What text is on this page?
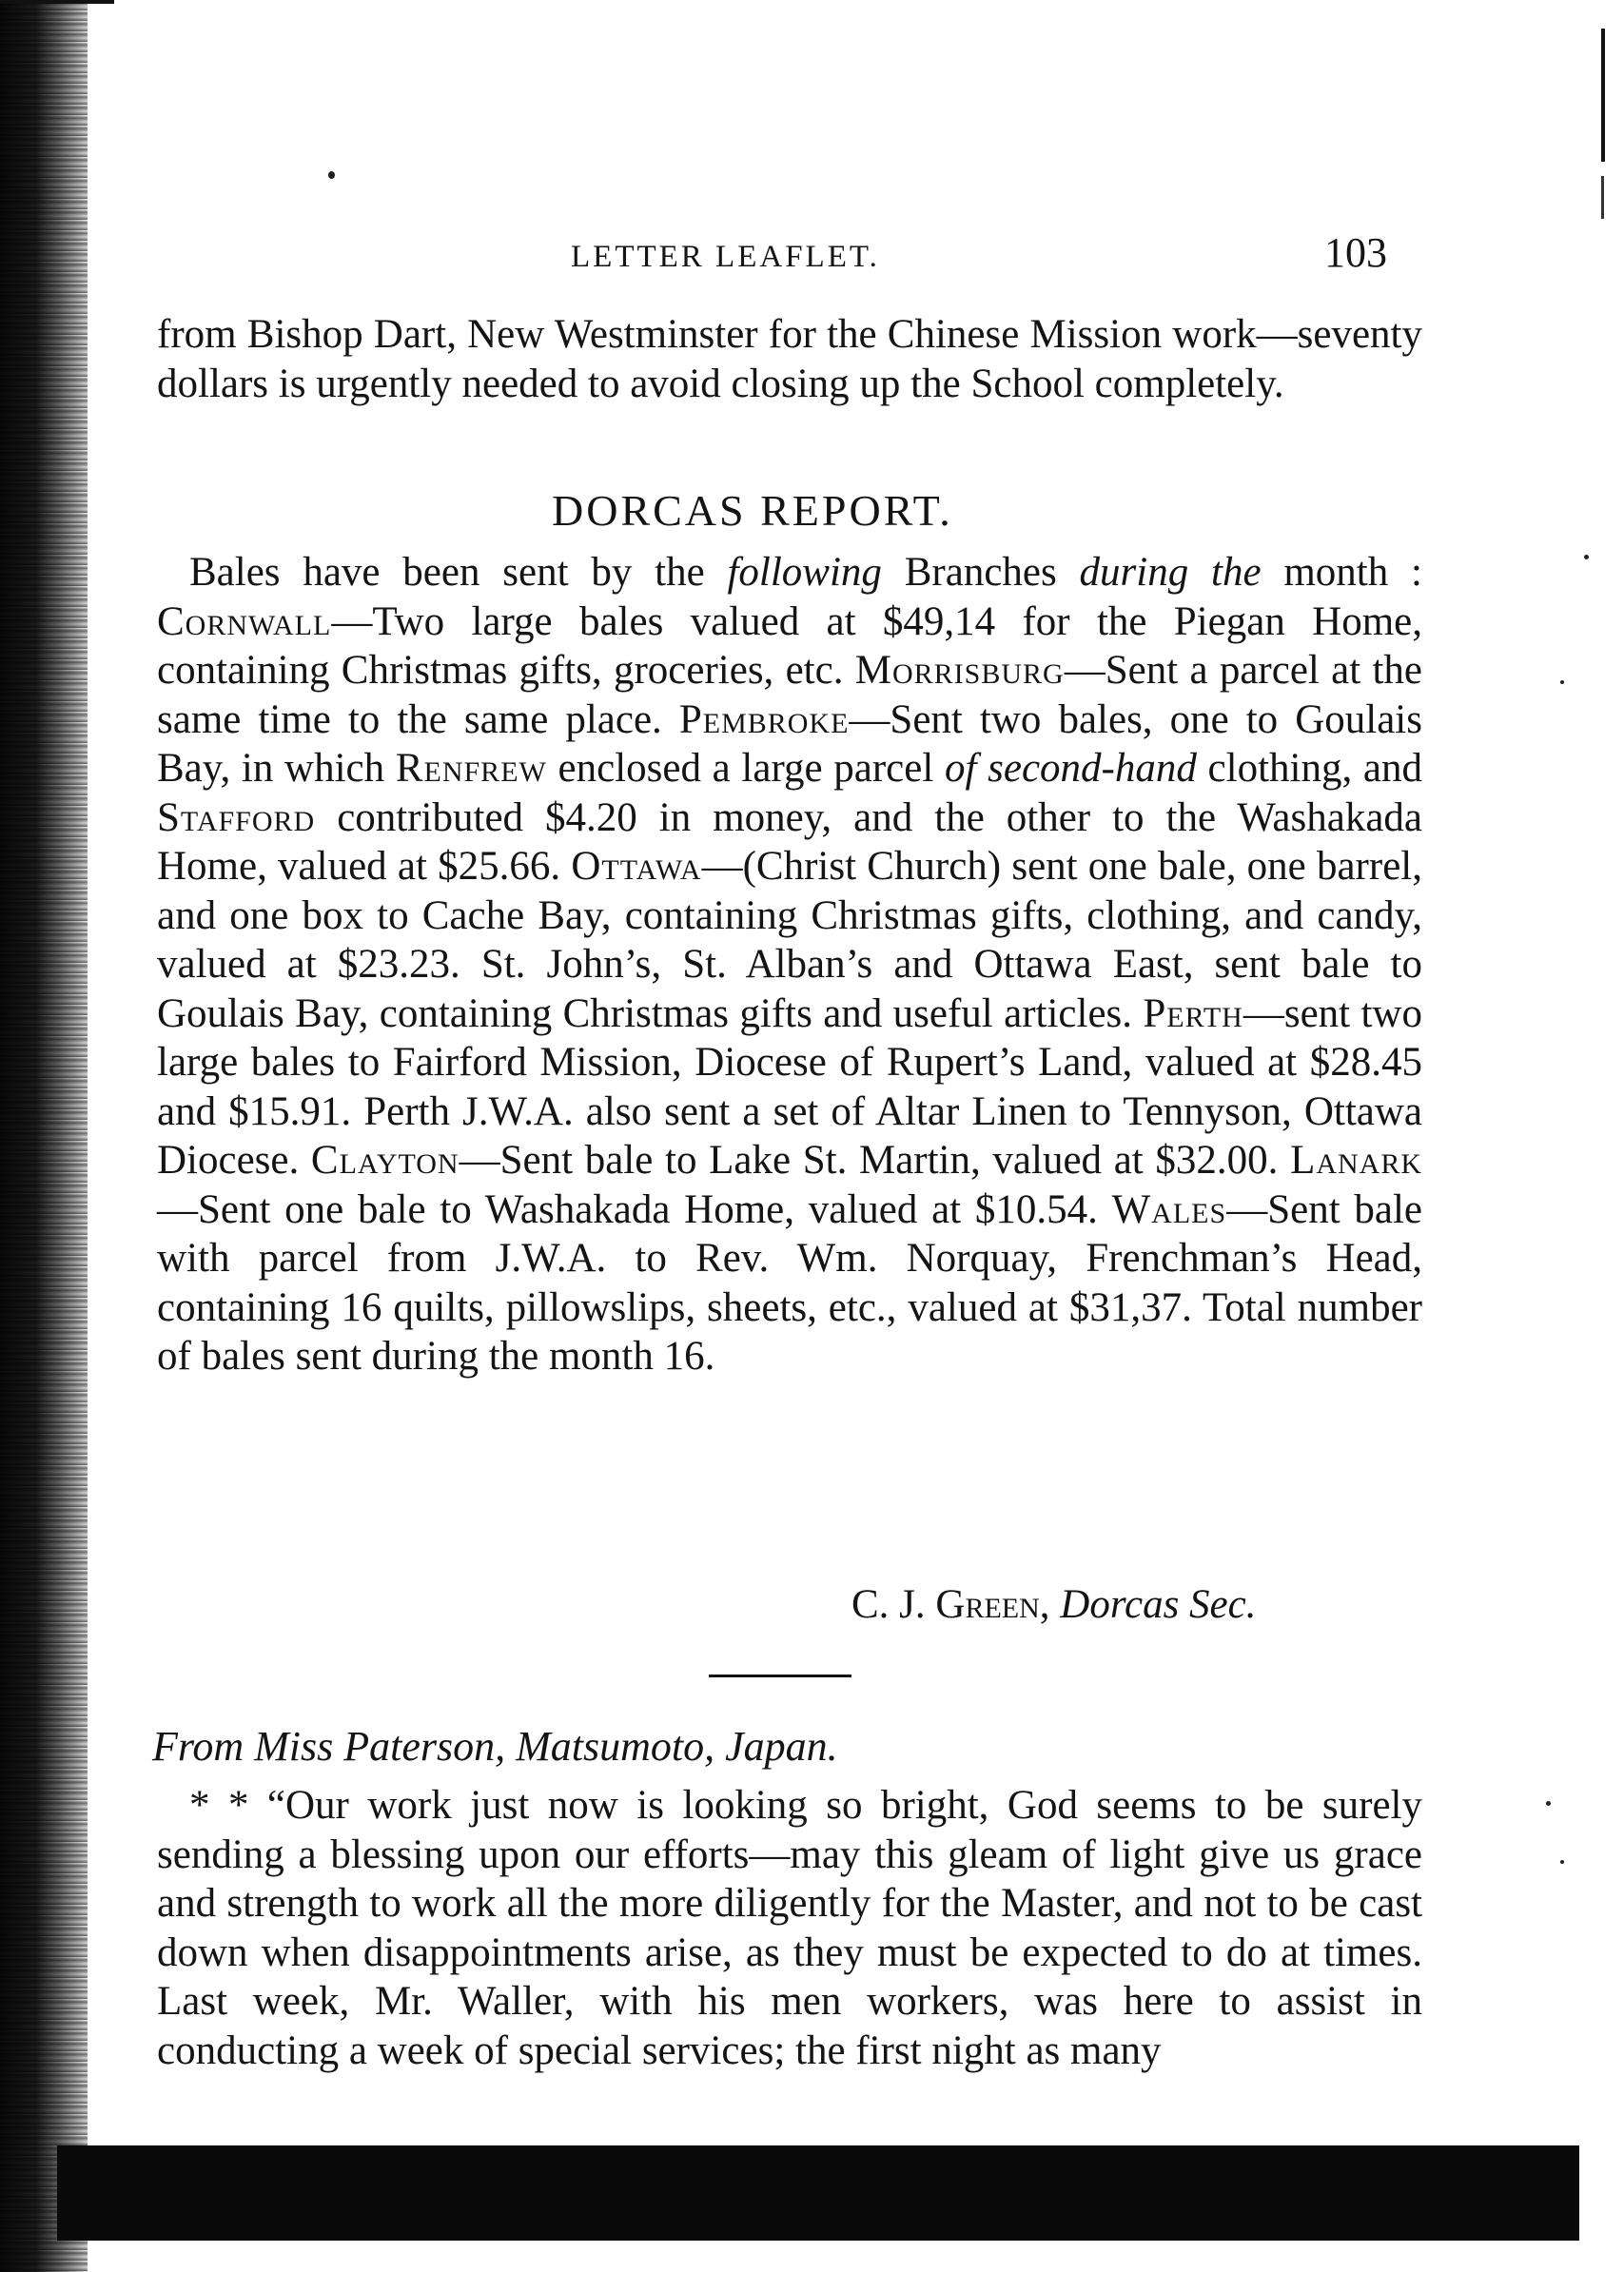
LETTER LEAFLET.	103

from Bishop Dart, New Westminster for the Chinese Mission work—seventy dollars is urgently needed to avoid closing up the School completely.

DORCAS REPORT.

Bales have been sent by the following Branches during the month : Cornwall—Two large bales valued at $49,14 for the Piegan Home, containing Christmas gifts, groceries, etc. Morrisburg—Sent a parcel at the same time to the same place. Pembroke—Sent two bales, one to Goulais Bay, in which Renfrew enclosed a large parcel of second-hand clothing, and Stafford contributed $4.20 in money, and the other to the Washakada Home, valued at $25.66. Ottawa—(Christ Church) sent one bale, one barrel, and one box to Cache Bay, containing Christmas gifts, clothing, and candy, valued at $23.23. St. John’s, St. Alban’s and Ottawa East, sent bale to Goulais Bay, containing Christmas gifts and useful articles. Perth—sent two large bales to Fairford Mission, Diocese of Rupert’s Land, valued at $28.45 and $15.91. Perth J.W.A. also sent a set of Altar Linen to Tennyson, Ottawa Diocese. Clayton—Sent bale to Lake St. Martin, valued at $32.00. Lanark—Sent one bale to Washakada Home, valued at $10.54. Wales—Sent bale with parcel from J.W.A. to Rev. Wm. Norquay, Frenchman’s Head, containing 16 quilts, pillowslips, sheets, etc., valued at $31,37. Total number of bales sent during the month 16.

C. J. Green, Dorcas Sec.
From Miss Paterson, Matsumoto, Japan.

* * “Our work just now is looking so bright, God seems to be surely sending a blessing upon our efforts—may this gleam of light give us grace and strength to work all the more diligently for the Master, and not to be cast down when disappointments arise, as they must be expected to do at times. Last week, Mr. Waller, with his men workers, was here to assist in conducting a week of special services; the first night as many
